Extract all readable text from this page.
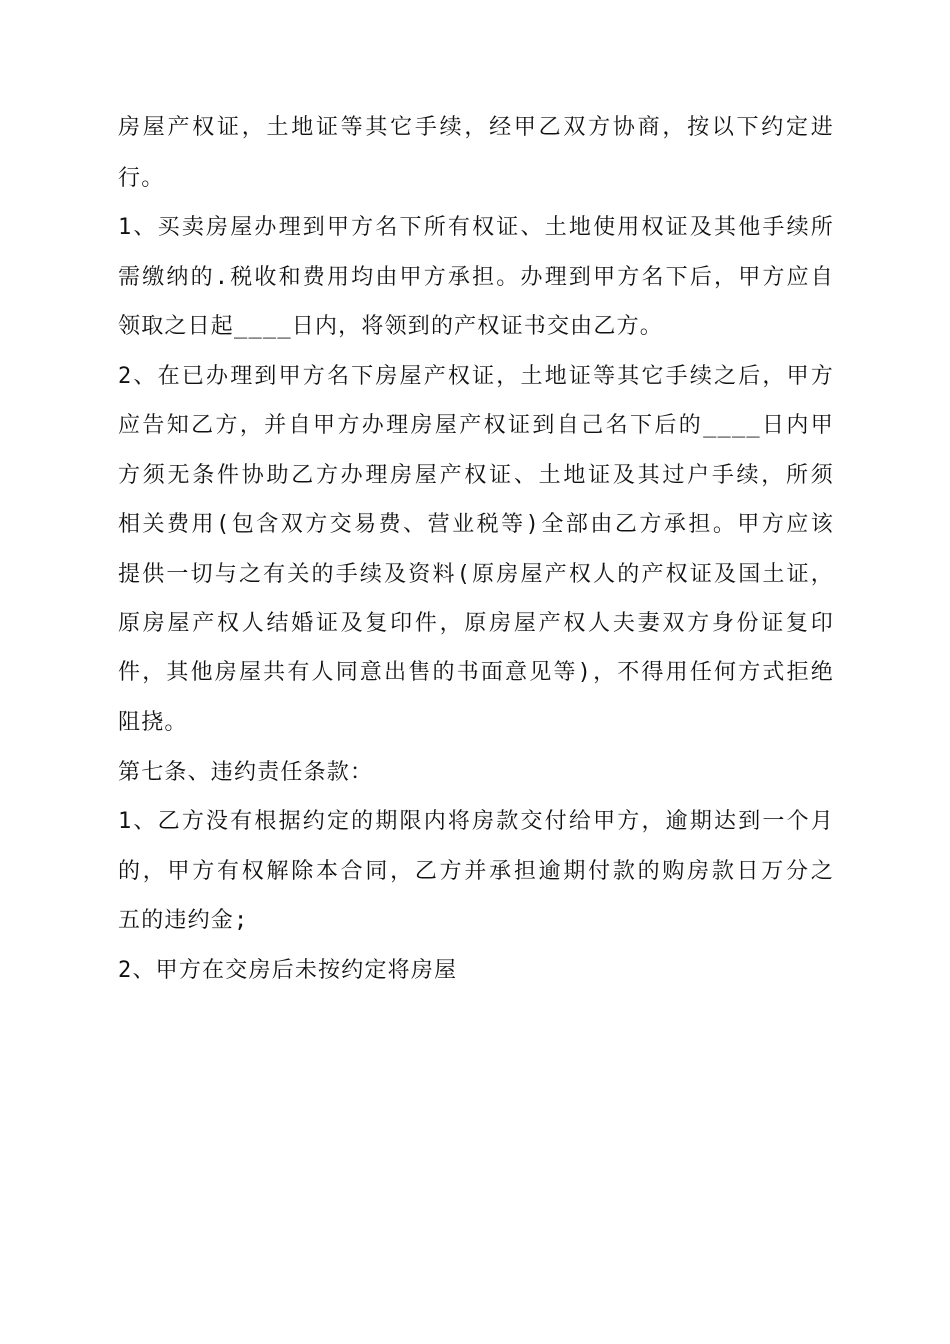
房屋产权证，土地证等其它手续，经甲乙双方协商，按以下约定进
行。
1、买卖房屋办理到甲方名下所有权证、土地使用权证及其他手续所
需缴纳的.税收和费用均由甲方承担。办理到甲方名下后，甲方应自
领取之日起____日内，将领到的产权证书交由乙方。
2、在已办理到甲方名下房屋产权证，土地证等其它手续之后，甲方
应告知乙方，并自甲方办理房屋产权证到自己名下后的____日内甲
方须无条件协助乙方办理房屋产权证、土地证及其过户手续，所须
相关费用(包含双方交易费、营业税等)全部由乙方承担。甲方应该
提供一切与之有关的手续及资料(原房屋产权人的产权证及国土证，
原房屋产权人结婚证及复印件，原房屋产权人夫妻双方身份证复印
件，其他房屋共有人同意出售的书面意见等)，不得用任何方式拒绝
阻挠。
第七条、违约责任条款：
1、乙方没有根据约定的期限内将房款交付给甲方，逾期达到一个月
的，甲方有权解除本合同，乙方并承担逾期付款的购房款日万分之
五的违约金;
2、甲方在交房后未按约定将房屋
